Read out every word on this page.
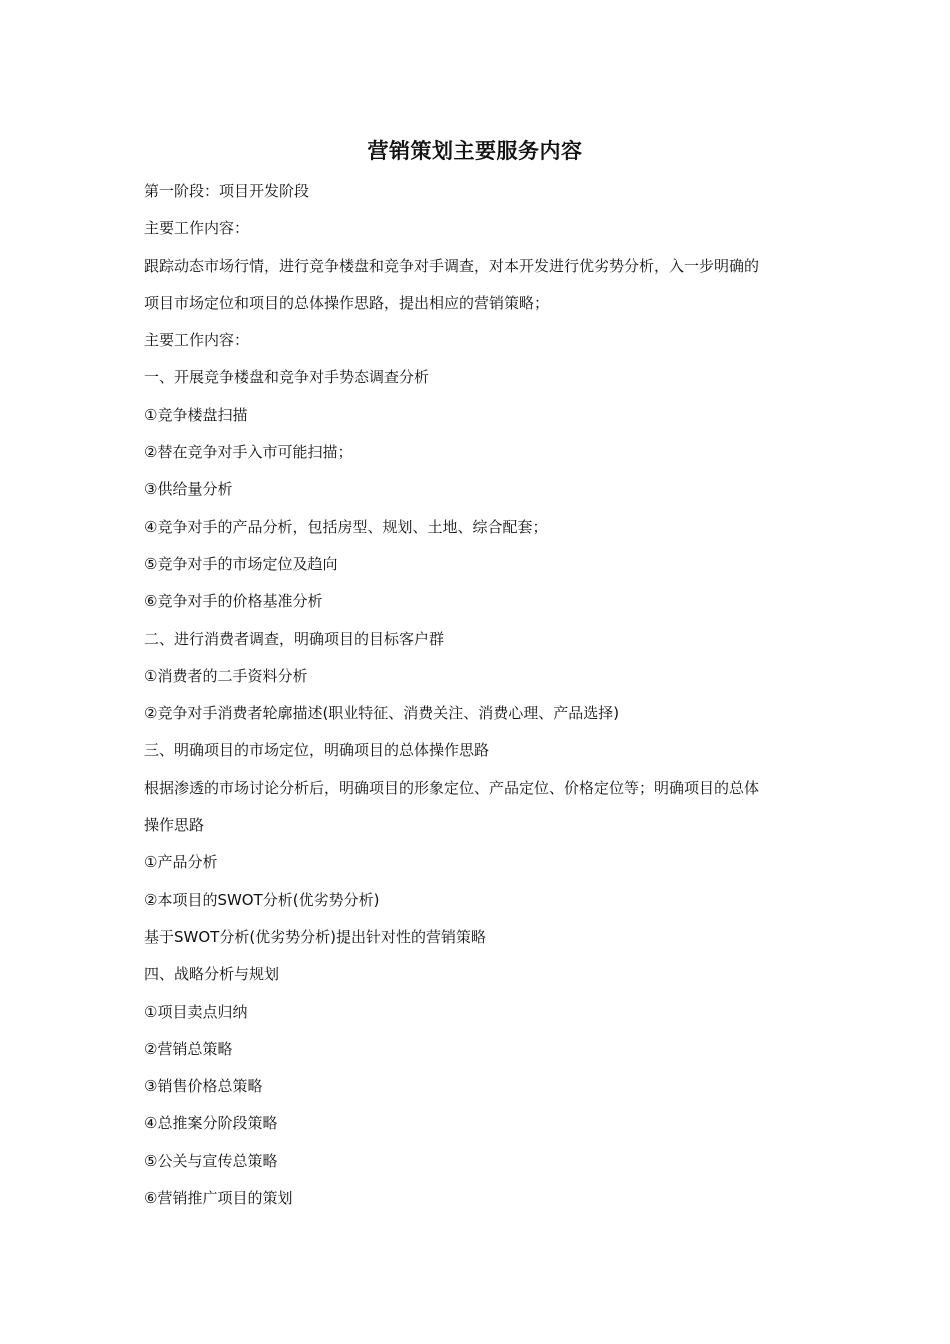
营销策划主要服务内容
第一阶段：项目开发阶段
主要工作内容：
跟踪动态市场行情，进行竞争楼盘和竞争对手调查，对本开发进行优劣势分析，入一步明确的
项目市场定位和项目的总体操作思路，提出相应的营销策略；
主要工作内容：
一、开展竞争楼盘和竞争对手势态调查分析
①竞争楼盘扫描
②替在竞争对手入市可能扫描；
③供给量分析
④竞争对手的产品分析，包括房型、规划、土地、综合配套；
⑤竞争对手的市场定位及趋向
⑥竞争对手的价格基准分析
二、进行消费者调查，明确项目的目标客户群
①消费者的二手资料分析
②竞争对手消费者轮廓描述(职业特征、消费关注、消费心理、产品选择)
三、明确项目的市场定位，明确项目的总体操作思路
根据渗透的市场讨论分析后，明确项目的形象定位、产品定位、价格定位等；明确项目的总体
操作思路
①产品分析
②本项目的SWOT分析(优劣势分析)
基于SWOT分析(优劣势分析)提出针对性的营销策略
四、战略分析与规划
①项目卖点归纳
②营销总策略
③销售价格总策略
④总推案分阶段策略
⑤公关与宣传总策略
⑥营销推广项目的策划
